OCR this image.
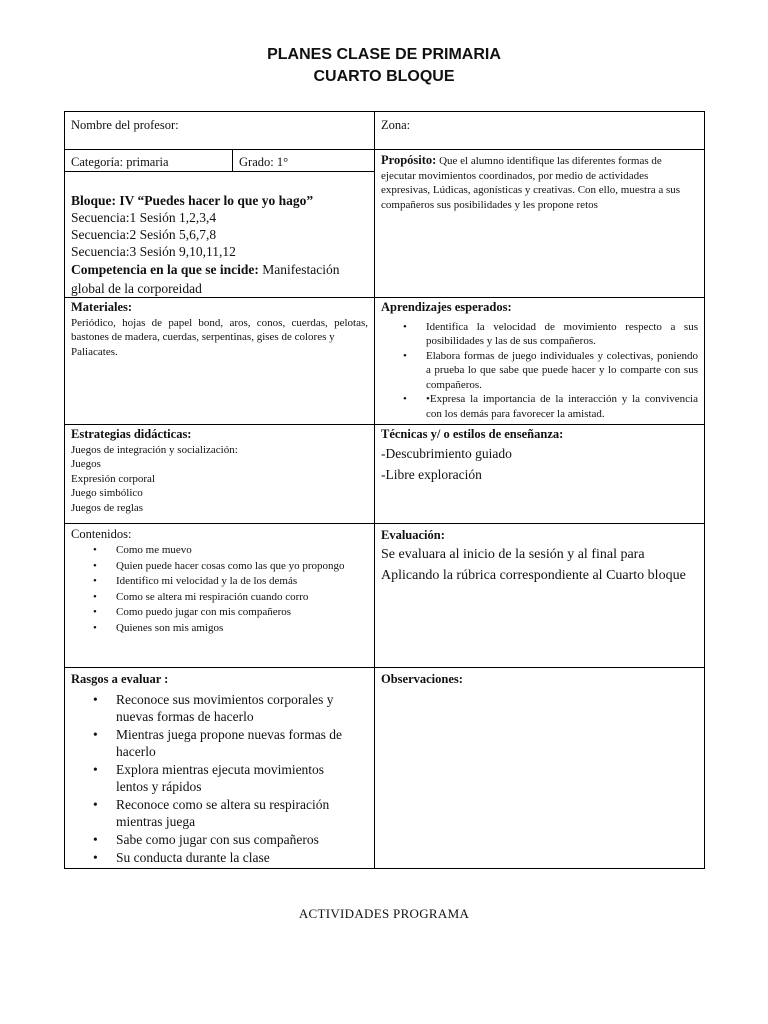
PLANES CLASE DE PRIMARIA
CUARTO BLOQUE
Nombre del profesor:	Zona:
Categoría: primaria	Grado: 1°
Bloque: IV “Puedes hacer lo que yo hago”
Secuencia:1 Sesión 1,2,3,4
Secuencia:2 Sesión 5,6,7,8
Secuencia:3 Sesión 9,10,11,12
Competencia en la que se incide: Manifestación global de la corporeidad
Propósito: Que el alumno identifique las diferentes formas de ejecutar movimientos coordinados, por medio de actividades expresivas, Lúdicas, agonísticas y creativas. Con ello, muestra a sus compañeros sus posibilidades y les propone retos
Materiales:
Periódico, hojas de papel bond, aros, conos, cuerdas, pelotas, bastones de madera, cuerdas, serpentinas, gises de colores y
Paliacates.
Aprendizajes esperados:
• Identifica la velocidad de movimiento respecto a sus posibilidades y las de sus compañeros.
• Elabora formas de juego individuales y colectivas, poniendo a prueba lo que sabe que puede hacer y lo comparte con sus compañeros.
• •Expresa la importancia de la interacción y la convivencia con los demás para favorecer la amistad.
Estrategias didácticas:
Juegos de integración y socialización:
Juegos
Expresión corporal
Juego simbólico
Juegos de reglas
Técnicas y/ o estilos de enseñanza:
-Descubrimiento guiado
-Libre exploración
Contenidos:
• Como me muevo
• Quien puede hacer cosas como las que yo propongo
• Identifico mi velocidad y la de los demás
• Como se altera mi respiración cuando corro
• Como puedo jugar con mis compañeros
• Quienes son mis amigos
Evaluación:
Se evaluara al inicio de la sesión y al final para Aplicando la rúbrica correspondiente al Cuarto bloque
Rasgos a evaluar :
• Reconoce sus movimientos corporales y nuevas formas de hacerlo
• Mientras juega propone nuevas formas de hacerlo
• Explora mientras ejecuta movimientos lentos y rápidos
• Reconoce como se altera su respiración mientras juega
• Sabe como jugar con sus compañeros
• Su conducta durante la clase
Observaciones:
ACTIVIDADES PROGRAMA
